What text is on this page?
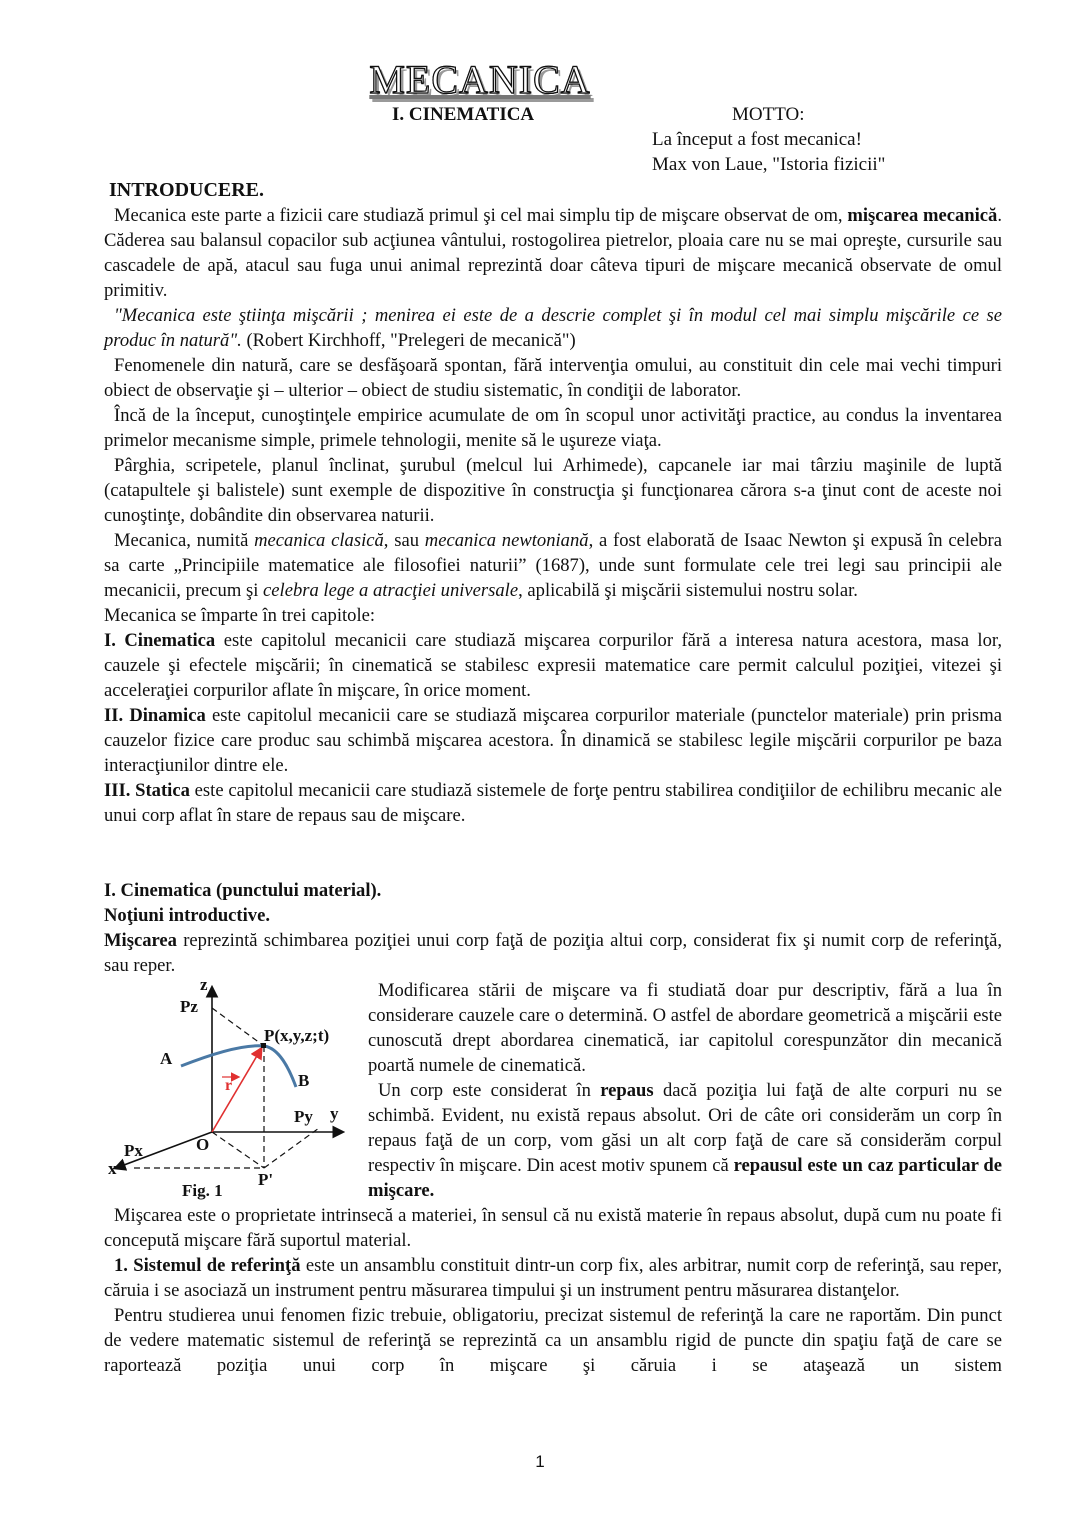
MECANICA
I. CINEMATICA	MOTTO:
La început a fost mecanica!
Max von Laue, "Istoria fizicii"
INTRODUCERE.

Mecanica este parte a fizicii care studiază primul şi cel mai simplu tip de mişcare observat de om, mişcarea mecanică. Căderea sau balansul copacilor sub acţiunea vântului, rostogolirea pietrelor, ploaia care nu se mai opreşte, cursurile sau cascadele de apă, atacul sau fuga unui animal reprezintă doar câteva tipuri de mişcare mecanică observate de omul primitiv.

"Mecanica este ştiinţa mişcării ; menirea ei este de a descrie complet şi în modul cel mai simplu mişcările ce se produc în natură". (Robert Kirchhoff, "Prelegeri de mecanică")

Fenomenele din natură, care se desfăşoară spontan, fără intervenţia omului, au constituit din cele mai vechi timpuri obiect de observaţie şi – ulterior – obiect de studiu sistematic, în condiţii de laborator.

Încă de la început, cunoştinţele empirice acumulate de om în scopul unor activităţi practice, au condus la inventarea primelor mecanisme simple, primele tehnologii, menite să le uşureze viaţa.

Pârghia, scripetele, planul înclinat, şurubul (melcul lui Arhimede), capcanele iar mai târziu maşinile de luptă (catapultele şi balistele) sunt exemple de dispozitive în construcţia şi funcţionarea cărora s-a ţinut cont de aceste noi cunoştinţe, dobândite din observarea naturii.

Mecanica, numită mecanica clasică, sau mecanica newtoniană, a fost elaborată de Isaac Newton şi expusă în celebra sa carte „Principiile matematice ale filosofiei naturii” (1687), unde sunt formulate cele trei legi sau principii ale mecanicii, precum şi celebra lege a atracţiei universale, aplicabilă şi mişcării sistemului nostru solar.

Mecanica se împarte în trei capitole:

I. Cinematica este capitolul mecanicii care studiază mişcarea corpurilor fără a interesa natura acestora, masa lor, cauzele şi efectele mişcării; în cinematică se stabilesc expresii matematice care permit calculul poziţiei, vitezei şi acceleraţiei corpurilor aflate în mişcare, în orice moment.

II. Dinamica este capitolul mecanicii care se studiază mişcarea corpurilor materiale (punctelor materiale) prin prisma cauzelor fizice care produc sau schimbă mişcarea acestora. În dinamică se stabilesc legile mişcării corpurilor pe baza interacţiunilor dintre ele.

III. Statica este capitolul mecanicii care studiază sistemele de forţe pentru stabilirea condiţiilor de echilibru mecanic ale unui corp aflat în stare de repaus sau de mişcare.

I. Cinematica (punctului material).

Noţiuni introductive.

Mişcarea reprezintă schimbarea poziţiei unui corp faţă de poziţia altui corp, considerat fix şi numit corp de referinţă, sau reper.

z
Pz
P(x,y,z;t)
A
B
Py y
O
Px
x
P'
Fig. 1
r

Modificarea stării de mişcare va fi studiată doar pur descriptiv, fără a lua în considerare cauzele care o determină. O astfel de abordare geometrică a mişcării este cunoscută drept abordarea cinematică, iar capitolul corespunzător din mecanică poartă numele de cinematică.

Un corp este considerat în repaus dacă poziţia lui faţă de alte corpuri nu se schimbă. Evident, nu există repaus absolut. Ori de câte ori considerăm un corp în repaus faţă de un corp, vom găsi un alt corp faţă de care să considerăm corpul respectiv în mişcare. Din acest motiv spunem că repausul este un caz particular de mişcare.

Mişcarea este o proprietate intrinsecă a materiei, în sensul că nu există materie în repaus absolut, după cum nu poate fi concepută mişcare fără suportul material.

1. Sistemul de referinţă este un ansamblu constituit dintr-un corp fix, ales arbitrar, numit corp de referinţă, sau reper, căruia i se asociază un instrument pentru măsurarea timpului şi un instrument pentru măsurarea distanţelor.

Pentru studierea unui fenomen fizic trebuie, obligatoriu, precizat sistemul de referinţă la care ne raportăm. Din punct de vedere matematic sistemul de referinţă se reprezintă ca un ansamblu rigid de puncte din spaţiu faţă de care se raportează poziţia unui corp în mişcare şi căruia i se ataşează un sistem

1
